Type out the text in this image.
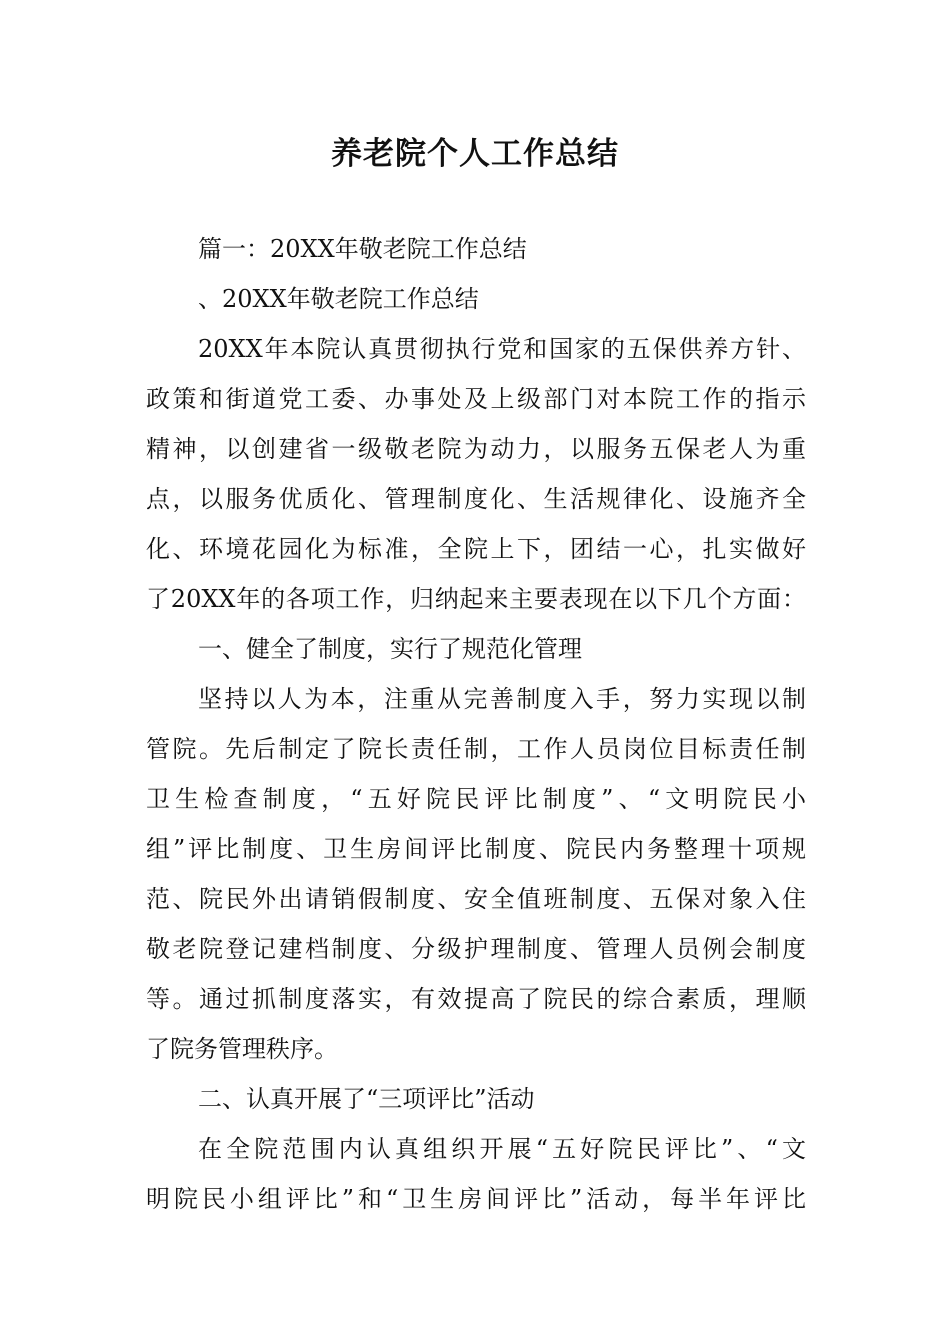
养老院个人工作总结
篇一：20XX年敬老院工作总结
、20XX年敬老院工作总结
20XX年本院认真贯彻执行党和国家的五保供养方针、
政策和街道党工委、办事处及上级部门对本院工作的指示
精神，以创建省一级敬老院为动力，以服务五保老人为重
点，以服务优质化、管理制度化、生活规律化、设施齐全
化、环境花园化为标准，全院上下，团结一心，扎实做好
了20XX年的各项工作，归纳起来主要表现在以下几个方面：
一、健全了制度，实行了规范化管理
坚持以人为本，注重从完善制度入手，努力实现以制
管院。先后制定了院长责任制，工作人员岗位目标责任制
卫生检查制度，“五好院民评比制度”、“文明院民小
组”评比制度、卫生房间评比制度、院民内务整理十项规
范、院民外出请销假制度、安全值班制度、五保对象入住
敬老院登记建档制度、分级护理制度、管理人员例会制度
等。通过抓制度落实，有效提高了院民的综合素质，理顺
了院务管理秩序。
二、认真开展了“三项评比”活动
在全院范围内认真组织开展“五好院民评比”、“文
明院民小组评比”和“卫生房间评比”活动，每半年评比
